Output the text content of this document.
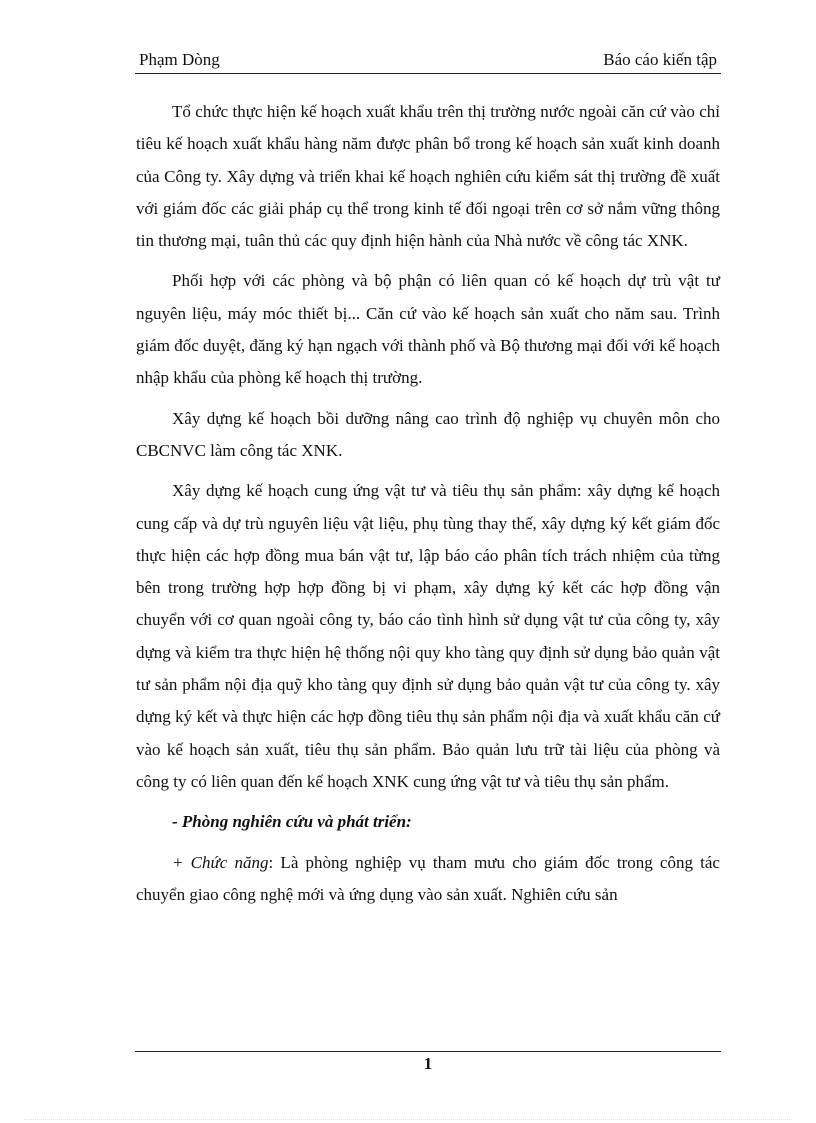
Phạm Dòng	Báo cáo kiến tập

Tổ chức thực hiện kế hoạch xuất khẩu trên thị trường nước ngoài căn cứ vào chỉ tiêu kế hoạch xuất khẩu hàng năm được phân bổ trong kế hoạch sản xuất kinh doanh của Công ty. Xây dựng và triển khai kế hoạch nghiên cứu kiểm sát thị trường đề xuất với giám đốc các giải pháp cụ thể trong kinh tế đối ngoại trên cơ sở nắm vững thông tin thương mại, tuân thủ các quy định hiện hành của Nhà nước về công tác XNK.

Phối hợp với các phòng và bộ phận có liên quan có kế hoạch dự trù vật tư nguyên liệu, máy móc thiết bị... Căn cứ vào kế hoạch sản xuất cho năm sau. Trình giám đốc duyệt, đăng ký hạn ngạch với thành phố và Bộ thương mại đối với kế hoạch nhập khẩu của phòng kế hoạch thị trường.

Xây dựng kế hoạch bồi dưỡng nâng cao trình độ nghiệp vụ chuyên môn cho CBCNVC làm công tác XNK.

Xây dựng kế hoạch cung ứng vật tư và tiêu thụ sản phẩm: xây dựng kế hoạch cung cấp và dự trù nguyên liệu vật liệu, phụ tùng thay thế, xây dựng ký kết giám đốc thực hiện các hợp đồng mua bán vật tư, lập báo cáo phân tích trách nhiệm của từng bên trong trường hợp hợp đồng bị vi phạm, xây dựng ký kết các hợp đồng vận chuyển với cơ quan ngoài công ty, báo cáo tình hình sử dụng vật tư của công ty, xây dựng và kiểm tra thực hiện hệ thống nội quy kho tàng quy định sử dụng bảo quản vật tư sản phẩm nội địa quỹ kho tàng quy định sử dụng bảo quản vật tư của công ty. xây dựng ký kết và thực hiện các hợp đồng tiêu thụ sản phẩm nội địa và xuất khẩu căn cứ vào kế hoạch sản xuất, tiêu thụ sản phẩm. Bảo quản lưu trữ tài liệu của phòng và công ty có liên quan đến kế hoạch XNK cung ứng vật tư và tiêu thụ sản phẩm.

- Phòng nghiên cứu và phát triển:

+ Chức năng: Là phòng nghiệp vụ tham mưu cho giám đốc trong công tác chuyển giao công nghệ mới và ứng dụng vào sản xuất. Nghiên cứu sản

1
